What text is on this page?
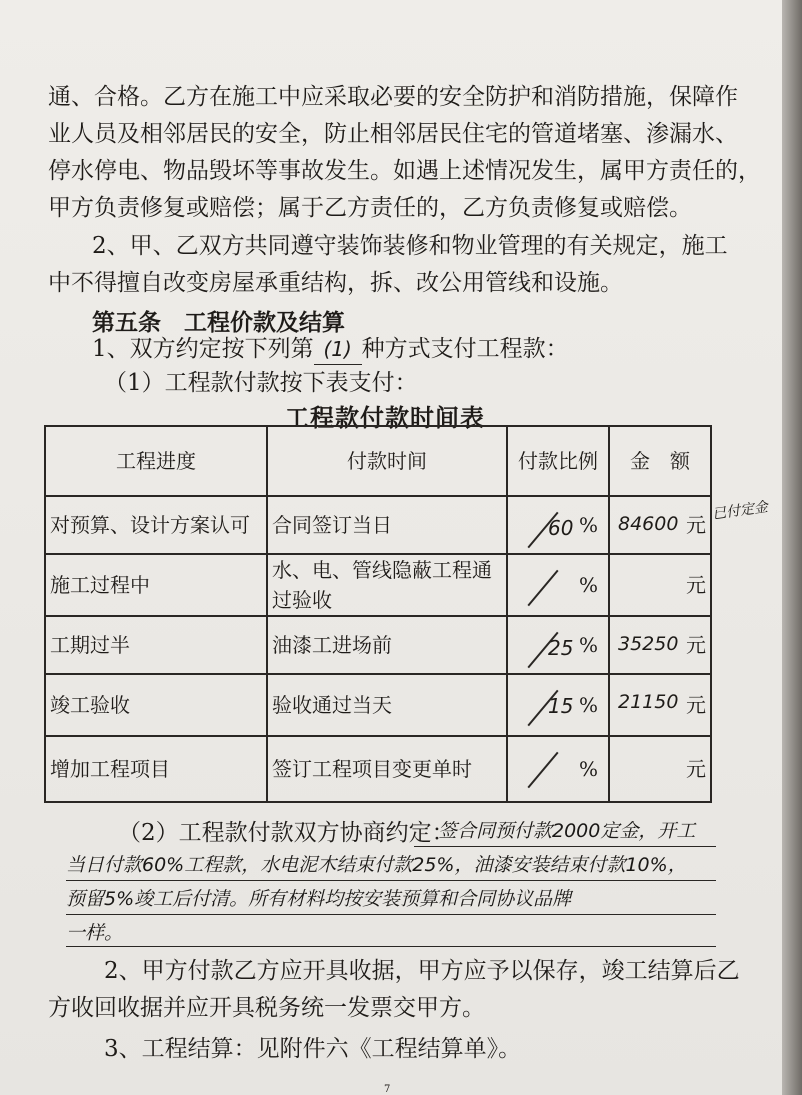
通、合格。乙方在施工中应采取必要的安全防护和消防措施，保障作
业人员及相邻居民的安全，防止相邻居民住宅的管道堵塞、渗漏水、
停水停电、物品毁坏等事故发生。如遇上述情况发生，属甲方责任的，
甲方负责修复或赔偿；属于乙方责任的，乙方负责修复或赔偿。
2、甲、乙双方共同遵守装饰装修和物业管理的有关规定，施工
中不得擅自改变房屋承重结构，拆、改公用管线和设施。
第五条 工程价款及结算
1、双方约定按下列第 (1) 种方式支付工程款：
（1）工程款付款按下表支付：
工程款付款时间表
工程进度	付款时间	付款比例	金　额
对预算、设计方案认可	合同签订当日	60 %	84600 元
施工过程中	水、电、管线隐蔽工程通过验收	%	元
工期过半	油漆工进场前	25 %	35250 元
竣工验收	验收通过当天	15 %	21150 元
增加工程项目	签订工程项目变更单时	%	元
已付定金
（2）工程款付款双方协商约定：
签合同预付款2000定金，开工
当日付款60%工程款，水电泥木结束付款25%，油漆安装结束付款10%，
预留5%竣工后付清。所有材料均按安装预算和合同协议品牌
一样。
2、甲方付款乙方应开具收据，甲方应予以保存，竣工结算后乙
方收回收据并应开具税务统一发票交甲方。
3、工程结算：见附件六《工程结算单》。
7
